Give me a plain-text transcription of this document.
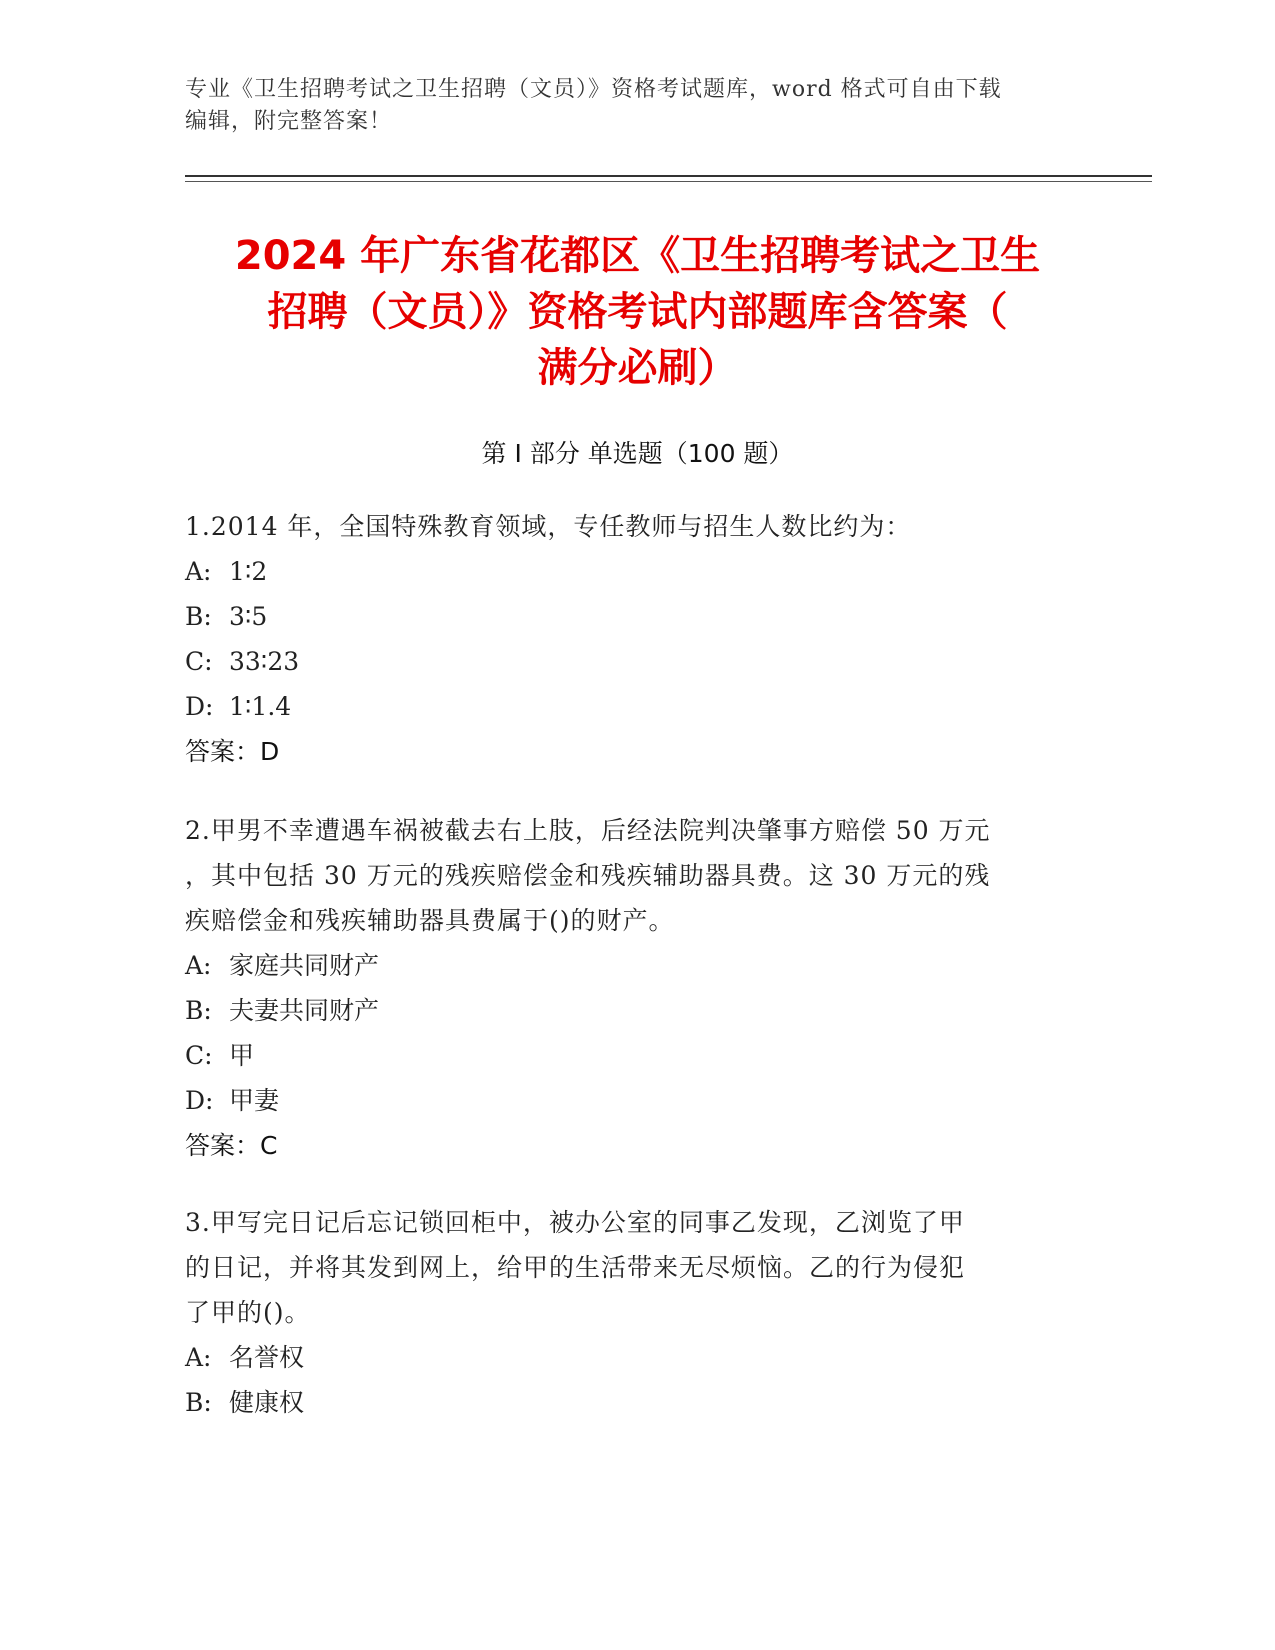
专业《卫生招聘考试之卫生招聘（文员）》资格考试题库，word 格式可自由下载
编辑，附完整答案！
2024 年广东省花都区《卫生招聘考试之卫生
招聘（文员）》资格考试内部题库含答案（
满分必刷）
第 I 部分 单选题（100 题）
1.2014 年，全国特殊教育领域，专任教师与招生人数比约为：
A: 1∶2
B: 3∶5
C: 33∶23
D: 1∶1.4
答案：D
2.甲男不幸遭遇车祸被截去右上肢，后经法院判决肇事方赔偿 50 万元
，其中包括 30 万元的残疾赔偿金和残疾辅助器具费。这 30 万元的残
疾赔偿金和残疾辅助器具费属于()的财产。
A: 家庭共同财产
B: 夫妻共同财产
C: 甲
D: 甲妻
答案：C
3.甲写完日记后忘记锁回柜中，被办公室的同事乙发现，乙浏览了甲
的日记，并将其发到网上，给甲的生活带来无尽烦恼。乙的行为侵犯
了甲的()。
A: 名誉权
B: 健康权
